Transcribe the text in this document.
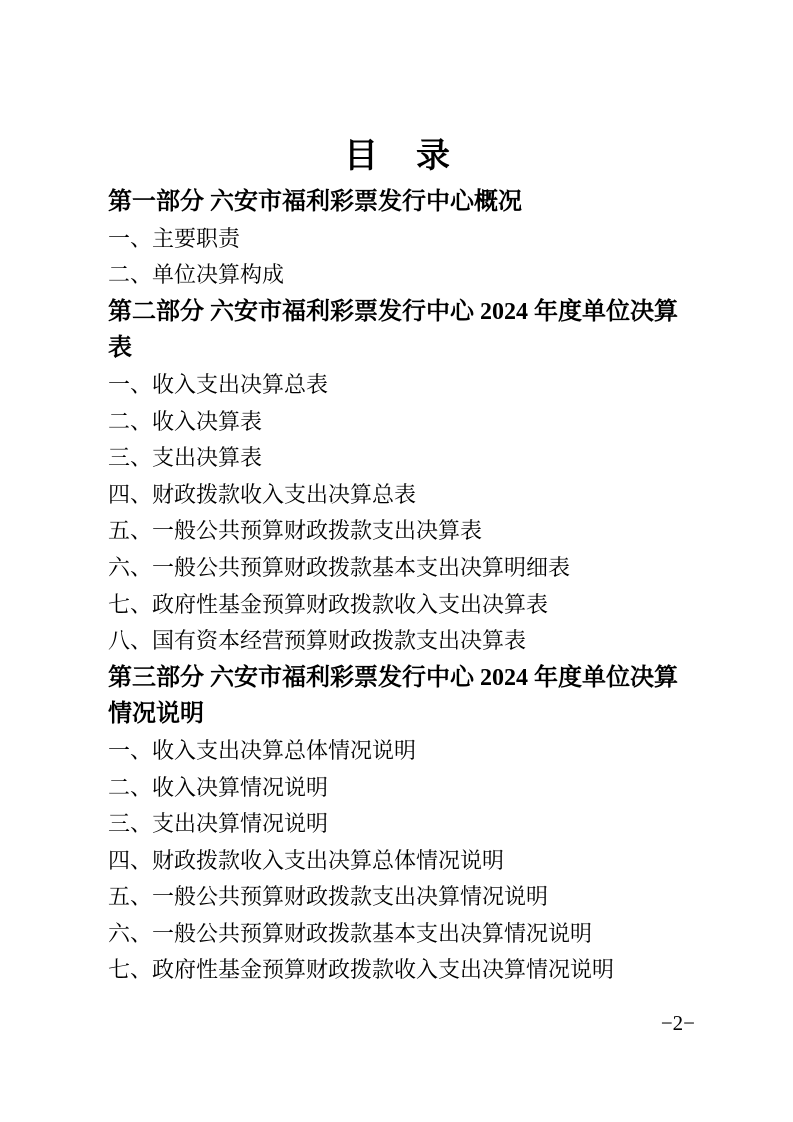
目　录
第一部分 六安市福利彩票发行中心概况
一、主要职责
二、单位决算构成
第二部分 六安市福利彩票发行中心 2024 年度单位决算
表
一、收入支出决算总表
二、收入决算表
三、支出决算表
四、财政拨款收入支出决算总表
五、一般公共预算财政拨款支出决算表
六、一般公共预算财政拨款基本支出决算明细表
七、政府性基金预算财政拨款收入支出决算表
八、国有资本经营预算财政拨款支出决算表
第三部分 六安市福利彩票发行中心 2024 年度单位决算
情况说明
一、收入支出决算总体情况说明
二、收入决算情况说明
三、支出决算情况说明
四、财政拨款收入支出决算总体情况说明
五、一般公共预算财政拨款支出决算情况说明
六、一般公共预算财政拨款基本支出决算情况说明
七、政府性基金预算财政拨款收入支出决算情况说明
−2−
